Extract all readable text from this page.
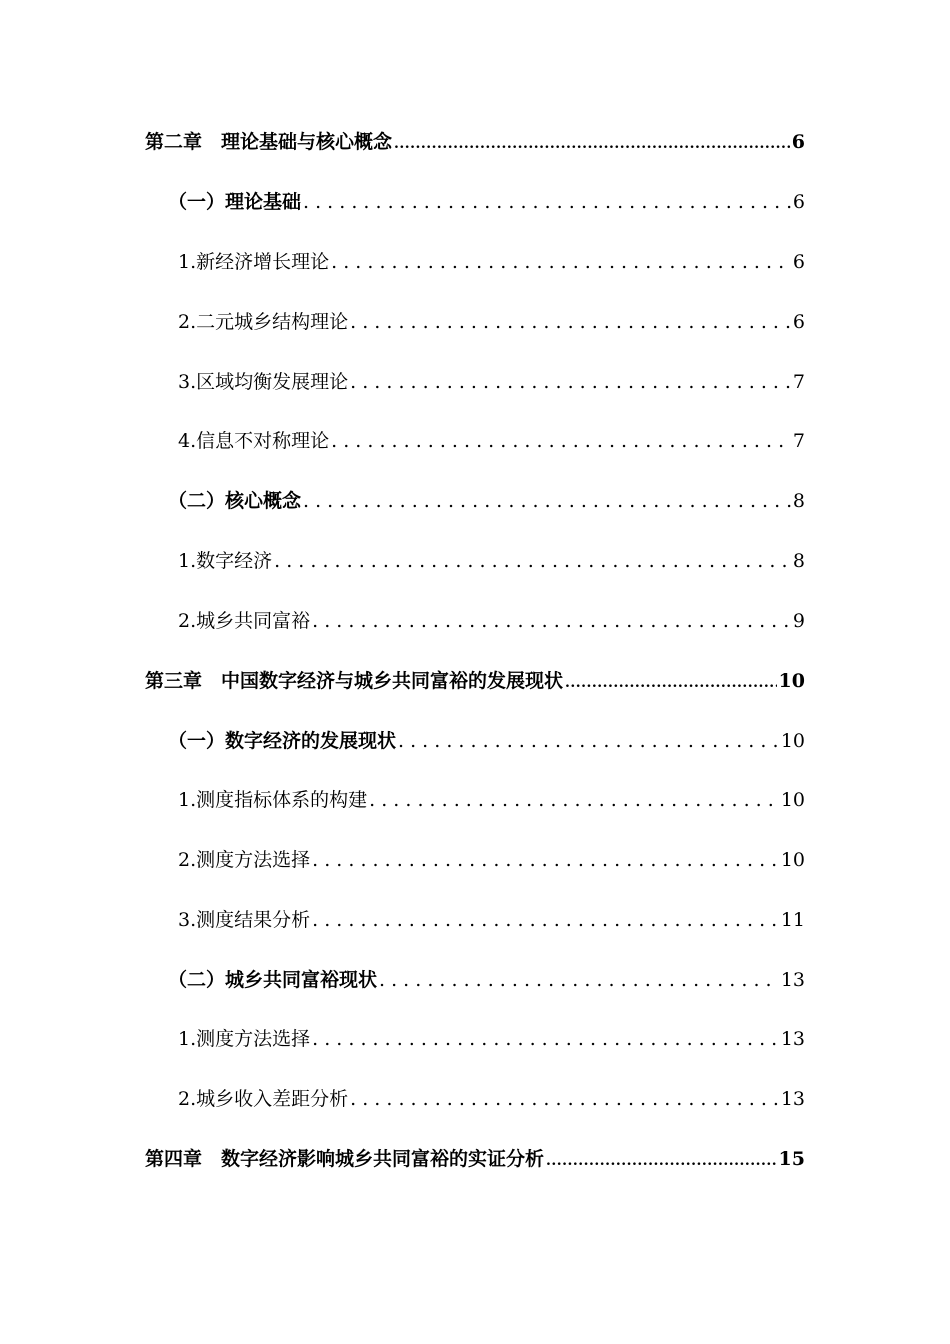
第二章　理论基础与核心概念 .....	6
（一）理论基础 . . .	6
1.新经济增长理论 . . .	6
2.二元城乡结构理论 . . .	6
3.区域均衡发展理论 . . .	7
4.信息不对称理论 . . .	7
（二）核心概念 . . .	8
1.数字经济 . . .	8
2.城乡共同富裕 . . .	9
第三章　中国数字经济与城乡共同富裕的发展现状 .....	10
（一）数字经济的发展现状 . . .	10
1.测度指标体系的构建 . . .	10
2.测度方法选择 . . .	10
3.测度结果分析 . . .	11
（二）城乡共同富裕现状 . . .	13
1.测度方法选择 . . .	13
2.城乡收入差距分析 . . .	13
第四章　数字经济影响城乡共同富裕的实证分析 .....	15
